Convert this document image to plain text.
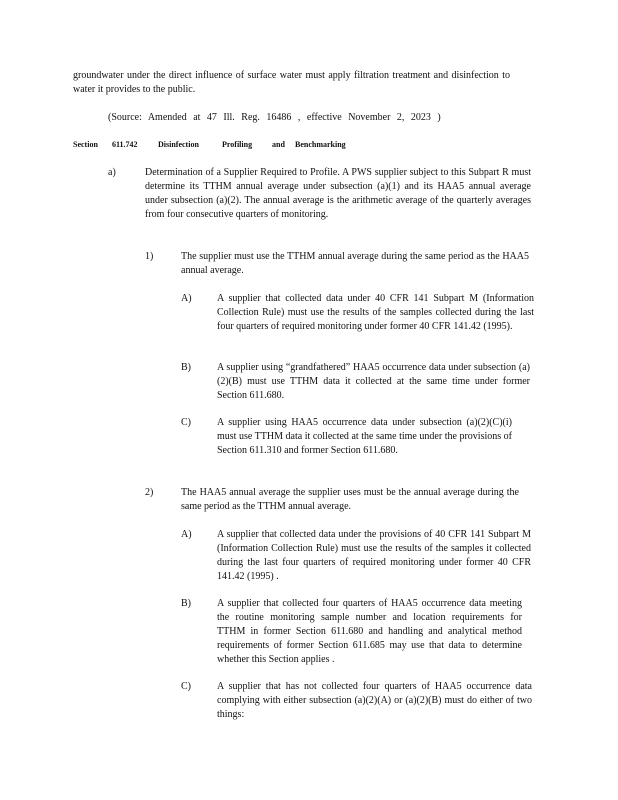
groundwater under the direct influence of surface water must apply filtration treatment and disinfection to water it provides to the public.
(Source: Amended at 47 Ill. Reg. 16486 , effective November 2, 2023 )
Section 611.742	Disinfection	Profiling and Benchmarking
a)	Determination of a Supplier Required to Profile. A PWS supplier subject to this Subpart R must determine its TTHM annual average under subsection (a)(1) and its HAA5 annual average under subsection (a)(2). The annual average is the arithmetic average of the quarterly averages from four consecutive quarters of monitoring.
1)	The supplier must use the TTHM annual average during the same period as the HAA5 annual average.
A)	A supplier that collected data under 40 CFR 141 Subpart M (Information Collection Rule) must use the results of the samples collected during the last four quarters of required monitoring under former 40 CFR 141.42 (1995).
B)	A supplier using “grandfathered” HAA5 occurrence data under subsection (a)(2)(B) must use TTHM data it collected at the same time under former Section 611.680.
C)	A supplier using HAA5 occurrence data under subsection (a)(2)(C)(i) must use TTHM data it collected at the same time under the provisions of Section 611.310 and former Section 611.680.
2)	The HAA5 annual average the supplier uses must be the annual average during the same period as the TTHM annual average.
A)	A supplier that collected data under the provisions of 40 CFR 141 Subpart M (Information Collection Rule) must use the results of the samples it collected during the last four quarters of required monitoring under former 40 CFR 141.42 (1995) .
B)	A supplier that collected four quarters of HAA5 occurrence data meeting the routine monitoring sample number and location requirements for TTHM in former Section 611.680 and handling and analytical method requirements of former Section 611.685 may use that data to determine whether this Section applies .
C)	A supplier that has not collected four quarters of HAA5 occurrence data complying with either subsection (a)(2)(A) or (a)(2)(B) must do either of two things:
